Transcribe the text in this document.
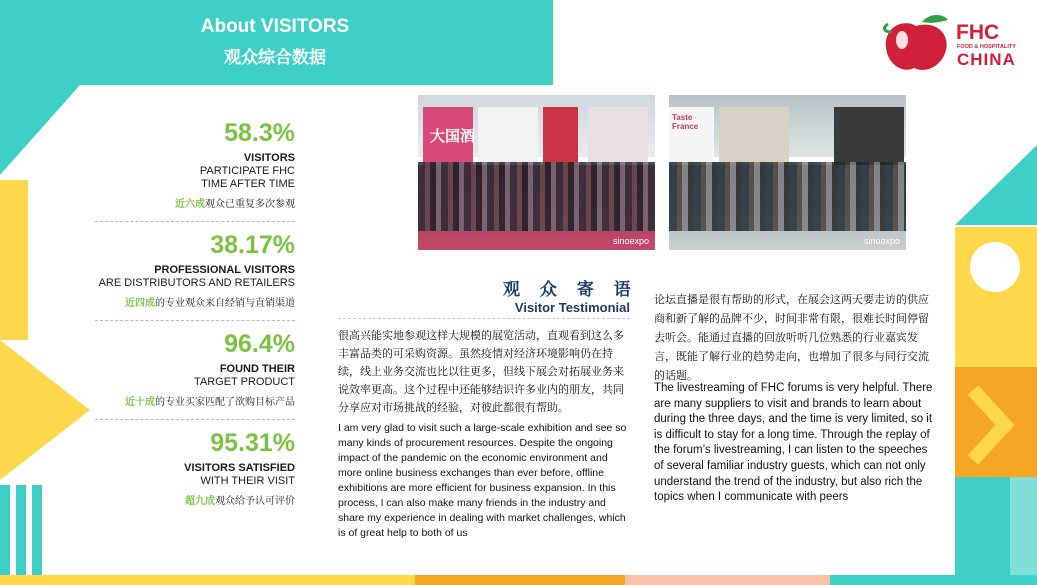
About VISITORS
观众综合数据
58.3%
VISITORS
PARTICIPATE FHC
TIME AFTER TIME
近六成观众已重复多次参观
38.17%
PROFESSIONAL VISITORS
ARE DISTRIBUTORS AND RETAILERS
近四成的专业观众来自经销与直销渠道
96.4%
FOUND THEIR
TARGET PRODUCT
近十成的专业买家匹配了欲购目标产品
95.31%
VISITORS SATISFIED
WITH THEIR VISIT
超九成观众给予认可评价
大国酒
sinoexpo
Taste France
sinoexpo
观 众 寄 语
Visitor Testimonial
很高兴能实地参观这样大规模的展览活动，直观看到这么多丰富品类的可采购资源。虽然疫情对经济环境影响仍在持续，线上业务交流也比以往更多，但线下展会对拓展业务来说效率更高。这个过程中还能够结识许多业内的朋友，共同分享应对市场挑战的经验，对彼此都很有帮助。
I am very glad to visit such a large-scale exhibition and see so many kinds of procurement resources. Despite the ongoing impact of the pandemic on the economic environment and more online business exchanges than ever before, offline exhibitions are more efficient for business expansion. In this process, I can also make many friends in the industry and share my experience in dealing with market challenges, which is of great help to both of us
论坛直播是很有帮助的形式，在展会这两天要走访的供应商和新了解的品牌不少，时间非常有限，很难长时间停留去听会。能通过直播的回放听听几位熟悉的行业嘉宾发言，既能了解行业的趋势走向，也增加了很多与同行交流的话题。
The livestreaming of FHC forums is very helpful. There are many suppliers to visit and brands to learn about during the three days, and the time is very limited, so it is difficult to stay for a long time. Through the replay of the forum’s livestreaming, I can listen to the speeches of several familiar industry guests, which can not only understand the trend of the industry, but also rich the topics when I communicate with peers
FHC
FOOD & HOSPITALITY
CHINA
